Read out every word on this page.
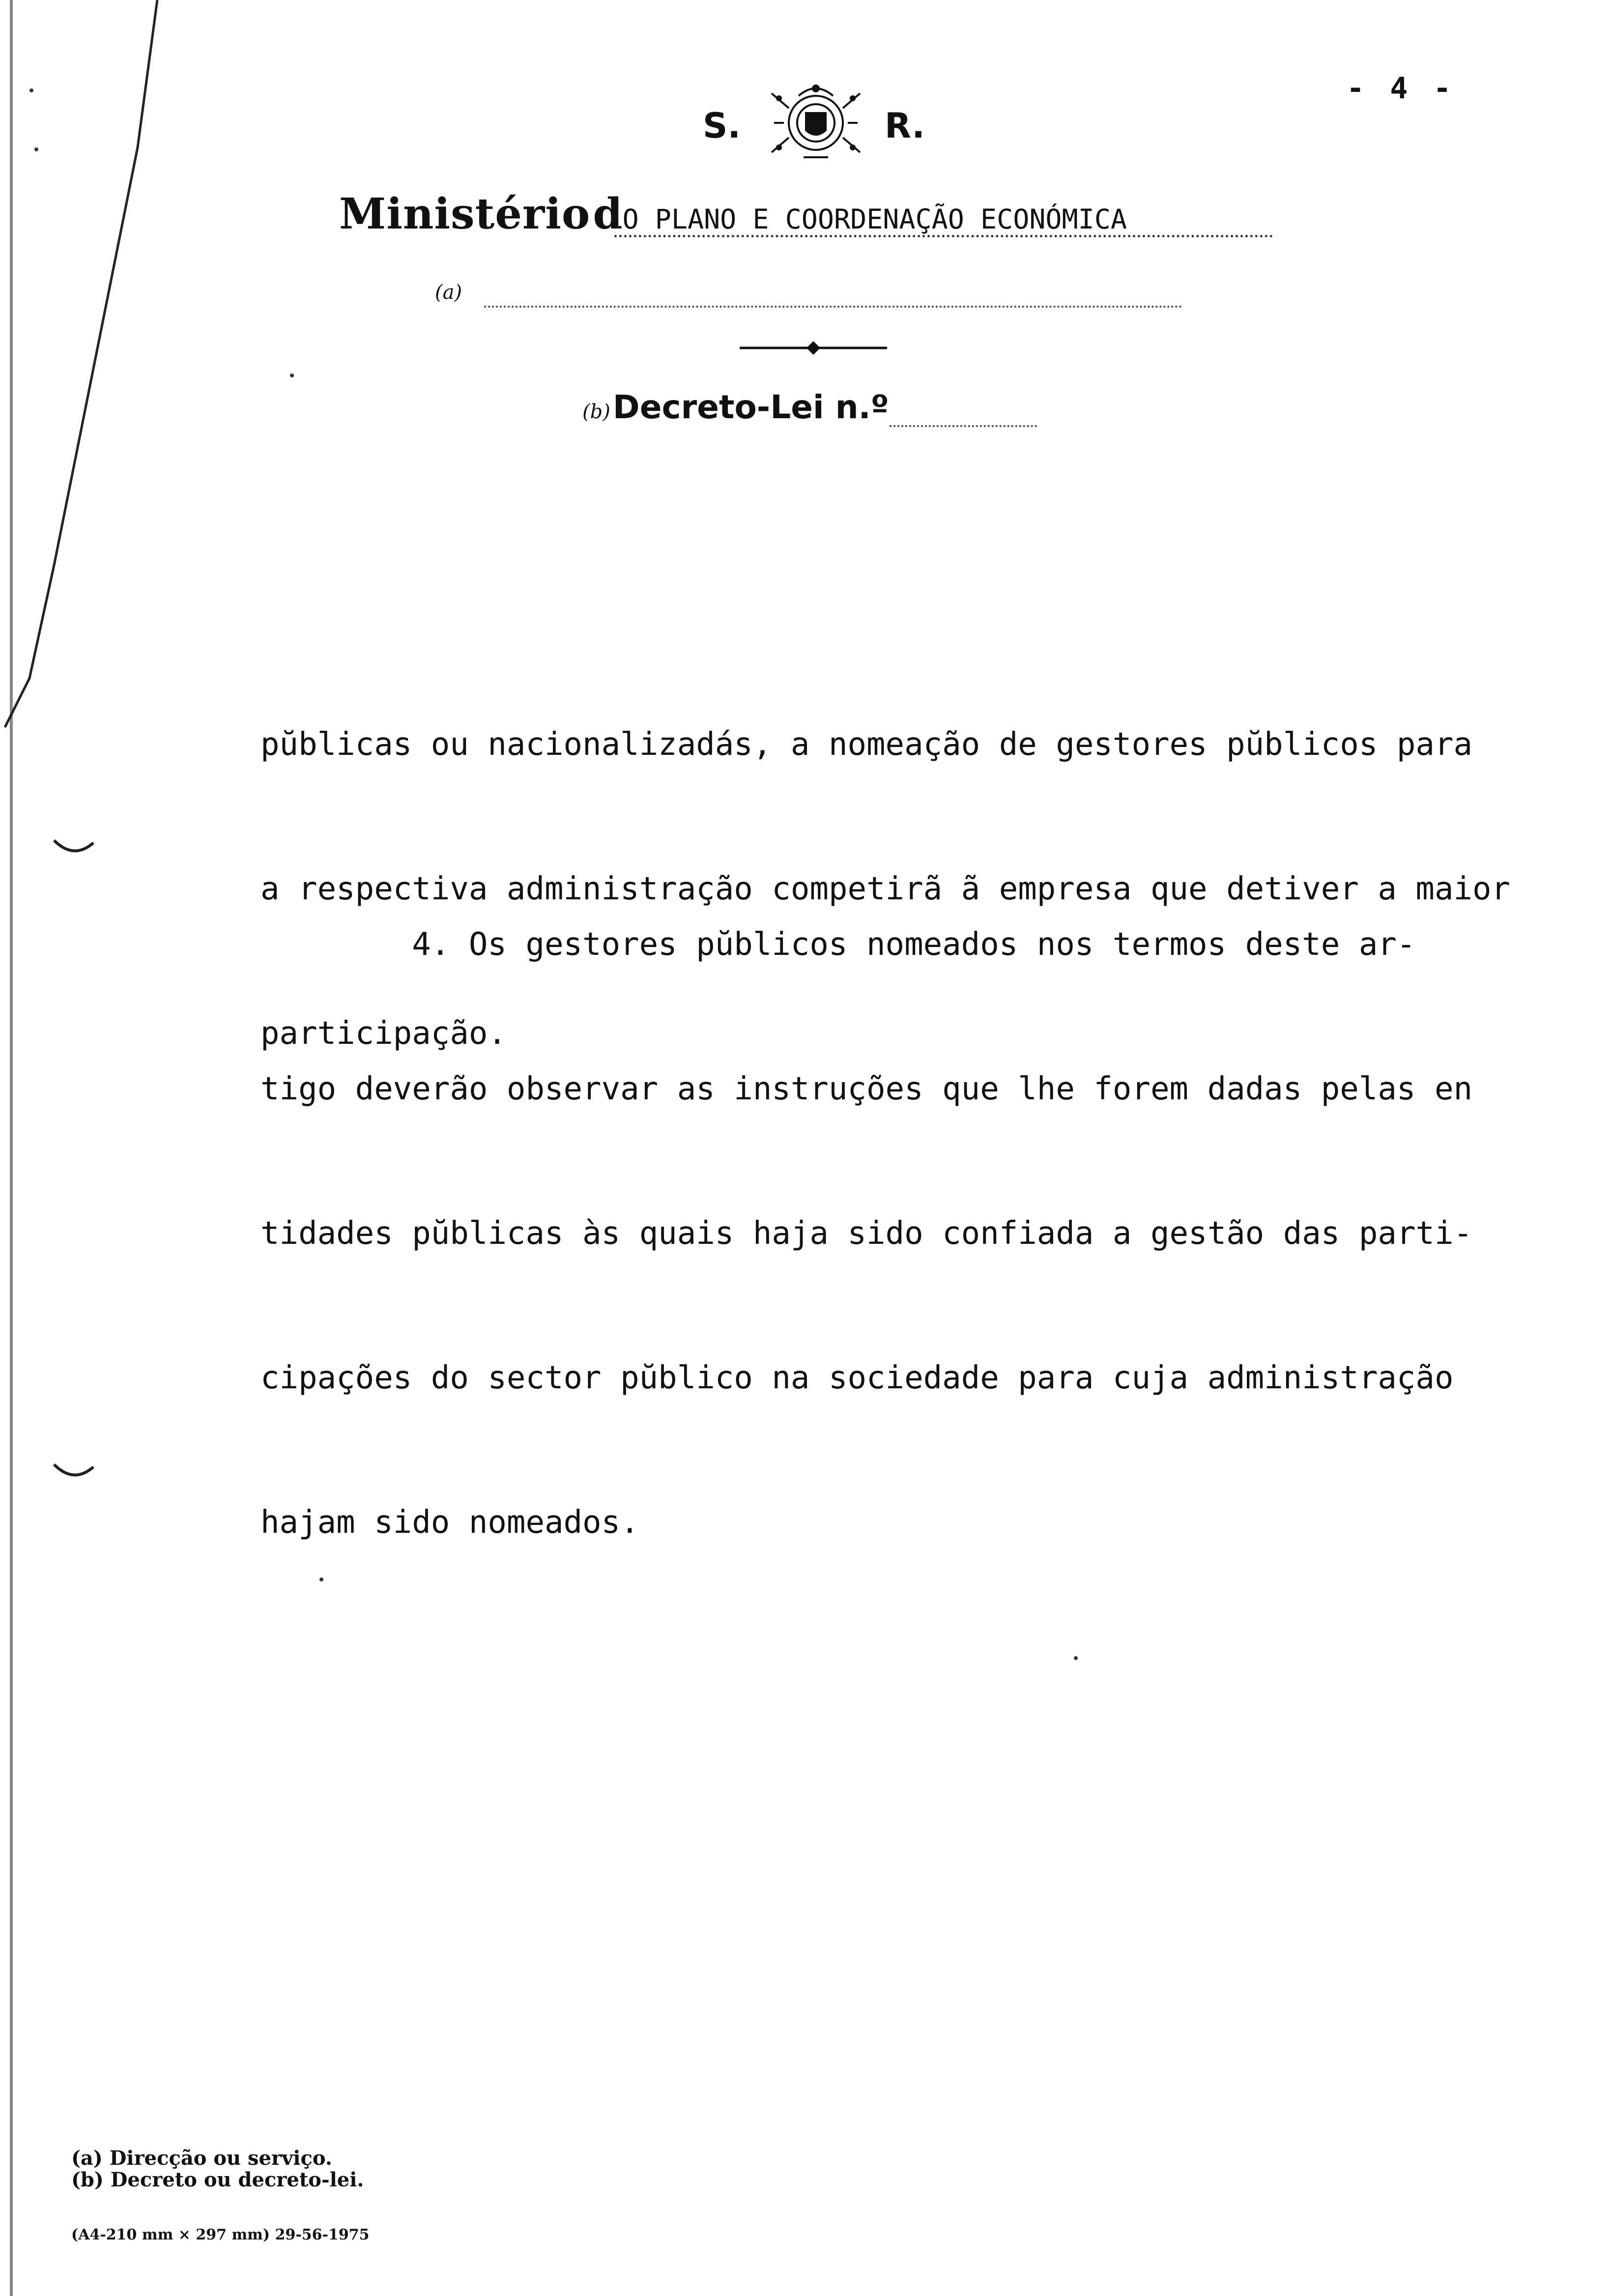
- 4 -
S.	R.
Ministério dO PLANO E COORDENAÇÃO ECONÓMICA
(a)
(b) Decreto-Lei n.º

pŭblicas ou nacionalizadás, a nomeação de gestores pŭblicos para

a respectiva administração competirã ã empresa que detiver a maior

participação.

4. Os gestores pŭblicos nomeados nos termos deste ar-

tigo deverão observar as instruções que lhe forem dadas pelas en

tidades pŭblicas às quais haja sido confiada a gestão das parti-

cipações do sector pŭblico na sociedade para cuja administração

hajam sido nomeados.

(a) Direcção ou serviço.
(b) Decreto ou decreto-lei.
(A4-210 mm × 297 mm) 29-56-1975
